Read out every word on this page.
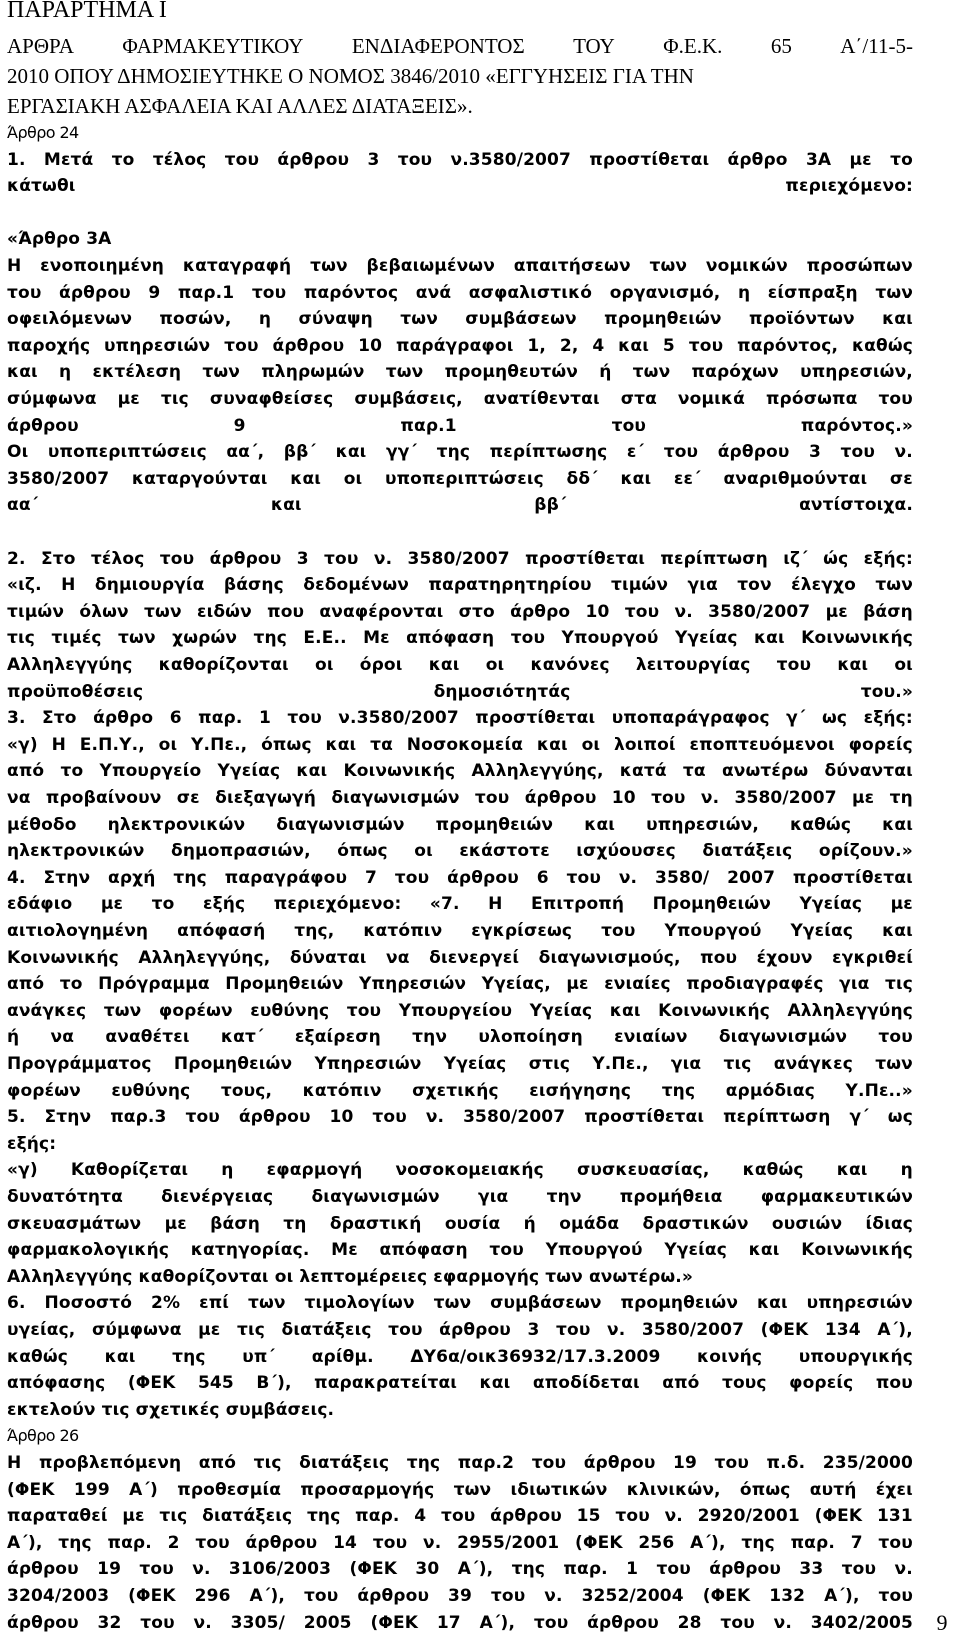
ΠΑΡΑΡΤΗΜΑ Ι
ΑΡΘΡΑ ΦΑΡΜΑΚΕΥΤΙΚΟΥ ΕΝΔΙΑΦΕΡΟΝΤΟΣ ΤΟΥ Φ.Ε.Κ. 65 Α΄/11-5-
2010 ΟΠΟΥ ΔΗΜΟΣΙΕΥΤΗΚΕ Ο ΝΟΜΟΣ 3846/2010 «ΕΓΓΥΗΣΕΙΣ ΓΙΑ ΤΗΝ
ΕΡΓΑΣΙΑΚΗ ΑΣΦΑΛΕΙΑ ΚΑΙ ΑΛΛΕΣ ΔΙΑΤΑΞΕΙΣ».
Άρθρο 24
1. Μετά το τέλος του άρθρου 3 του ν.3580/2007 προστίθεται άρθρο 3Α με το
κάτωθι	περιεχόμενο:
«Άρθρο 3Α
Η ενοποιημένη καταγραφή των βεβαιωμένων απαιτήσεων των νομικών προσώπων
του άρθρου 9 παρ.1 του παρόντος ανά ασφαλιστικό οργανισμό, η είσπραξη των
οφειλόμενων ποσών, η σύναψη των συμβάσεων προμηθειών προϊόντων και
παροχής υπηρεσιών του άρθρου 10 παράγραφοι 1, 2, 4 και 5 του παρόντος, καθώς
και η εκτέλεση των πληρωμών των προμηθευτών ή των παρόχων υπηρεσιών,
σύμφωνα με τις συναφθείσες συμβάσεις, ανατίθενται στα νομικά πρόσωπα του
άρθρου	9	παρ.1	του	παρόντος.»
Οι υποπεριπτώσεις αα΄, ββ΄ και γγ΄ της περίπτωσης ε΄ του άρθρου 3 του ν.
3580/2007 καταργούνται και οι υποπεριπτώσεις δδ΄ και εε΄ αναριθμούνται σε
αα΄	και	ββ΄	αντίστοιχα.
2. Στο τέλος του άρθρου 3 του ν. 3580/2007 προστίθεται περίπτωση ιζ΄ ώς εξής:
«ιζ. Η δημιουργία βάσης δεδομένων παρατηρητηρίου τιμών για τον έλεγχο των
τιμών όλων των ειδών που αναφέρονται στο άρθρο 10 του ν. 3580/2007 με βάση
τις τιμές των χωρών της Ε.Ε.. Με απόφαση του Υπουργού Υγείας και Κοινωνικής
Αλληλεγγύης καθορίζονται οι όροι και οι κανόνες λειτουργίας του και οι
προϋποθέσεις	δημοσιότητάς	του.»
3. Στο άρθρο 6 παρ. 1 του ν.3580/2007 προστίθεται υποπαράγραφος γ΄ ως εξής:
«γ) Η Ε.Π.Υ., οι Υ.Πε., όπως και τα Νοσοκομεία και οι λοιποί εποπτευόμενοι φορείς
από το Υπουργείο Υγείας και Κοινωνικής Αλληλεγγύης, κατά τα ανωτέρω δύνανται
να προβαίνουν σε διεξαγωγή διαγωνισμών του άρθρου 10 του ν. 3580/2007 με τη
μέθοδο ηλεκτρονικών διαγωνισμών προμηθειών και υπηρεσιών, καθώς και
ηλεκτρονικών δημοπρασιών, όπως οι εκάστοτε ισχύουσες διατάξεις ορίζουν.»
4. Στην αρχή της παραγράφου 7 του άρθρου 6 του ν. 3580/ 2007 προστίθεται
εδάφιο με το εξής περιεχόμενο: «7. Η Επιτροπή Προμηθειών Υγείας με
αιτιολογημένη απόφασή της, κατόπιν εγκρίσεως του Υπουργού Υγείας και
Κοινωνικής Αλληλεγγύης, δύναται να διενεργεί διαγωνισμούς, που έχουν εγκριθεί
από το Πρόγραμμα Προμηθειών Υπηρεσιών Υγείας, με ενιαίες προδιαγραφές για τις
ανάγκες των φορέων ευθύνης του Υπουργείου Υγείας και Κοινωνικής Αλληλεγγύης
ή να αναθέτει κατ΄ εξαίρεση την υλοποίηση ενιαίων διαγωνισμών του
Προγράμματος Προμηθειών Υπηρεσιών Υγείας στις Υ.Πε., για τις ανάγκες των
φορέων ευθύνης τους, κατόπιν σχετικής εισήγησης της αρμόδιας Υ.Πε..»
5. Στην παρ.3 του άρθρου 10 του ν. 3580/2007 προστίθεται περίπτωση γ΄ ως
εξής:
«γ) Καθορίζεται η εφαρμογή νοσοκομειακής συσκευασίας, καθώς και η
δυνατότητα διενέργειας διαγωνισμών για την προμήθεια φαρμακευτικών
σκευασμάτων με βάση τη δραστική ουσία ή ομάδα δραστικών ουσιών ίδιας
φαρμακολογικής κατηγορίας. Με απόφαση του Υπουργού Υγείας και Κοινωνικής
Αλληλεγγύης καθορίζονται οι λεπτομέρειες εφαρμογής των ανωτέρω.»
6. Ποσοστό 2% επί των τιμολογίων των συμβάσεων προμηθειών και υπηρεσιών
υγείας, σύμφωνα με τις διατάξεις του άρθρου 3 του ν. 3580/2007 (ΦΕΚ 134 Α΄),
καθώς και της υπ΄ αρίθμ. ΔΥ6α/οικ36932/17.3.2009 κοινής υπουργικής
απόφασης (ΦΕΚ 545 Β΄), παρακρατείται και αποδίδεται από τους φορείς που
εκτελούν τις σχετικές συμβάσεις.
Άρθρο 26
Η προβλεπόμενη από τις διατάξεις της παρ.2 του άρθρου 19 του π.δ. 235/2000
(ΦΕΚ 199 Α΄) προθεσμία προσαρμογής των ιδιωτικών κλινικών, όπως αυτή έχει
παραταθεί με τις διατάξεις της παρ. 4 του άρθρου 15 του ν. 2920/2001 (ΦΕΚ 131
Α΄), της παρ. 2 του άρθρου 14 του ν. 2955/2001 (ΦΕΚ 256 Α΄), της παρ. 7 του
άρθρου 19 του ν. 3106/2003 (ΦΕΚ 30 Α΄), της παρ. 1 του άρθρου 33 του ν.
3204/2003 (ΦΕΚ 296 Α΄), του άρθρου 39 του ν. 3252/2004 (ΦΕΚ 132 Α΄), του
άρθρου 32 του ν. 3305/ 2005 (ΦΕΚ 17 Α΄), του άρθρου 28 του ν. 3402/2005 9
